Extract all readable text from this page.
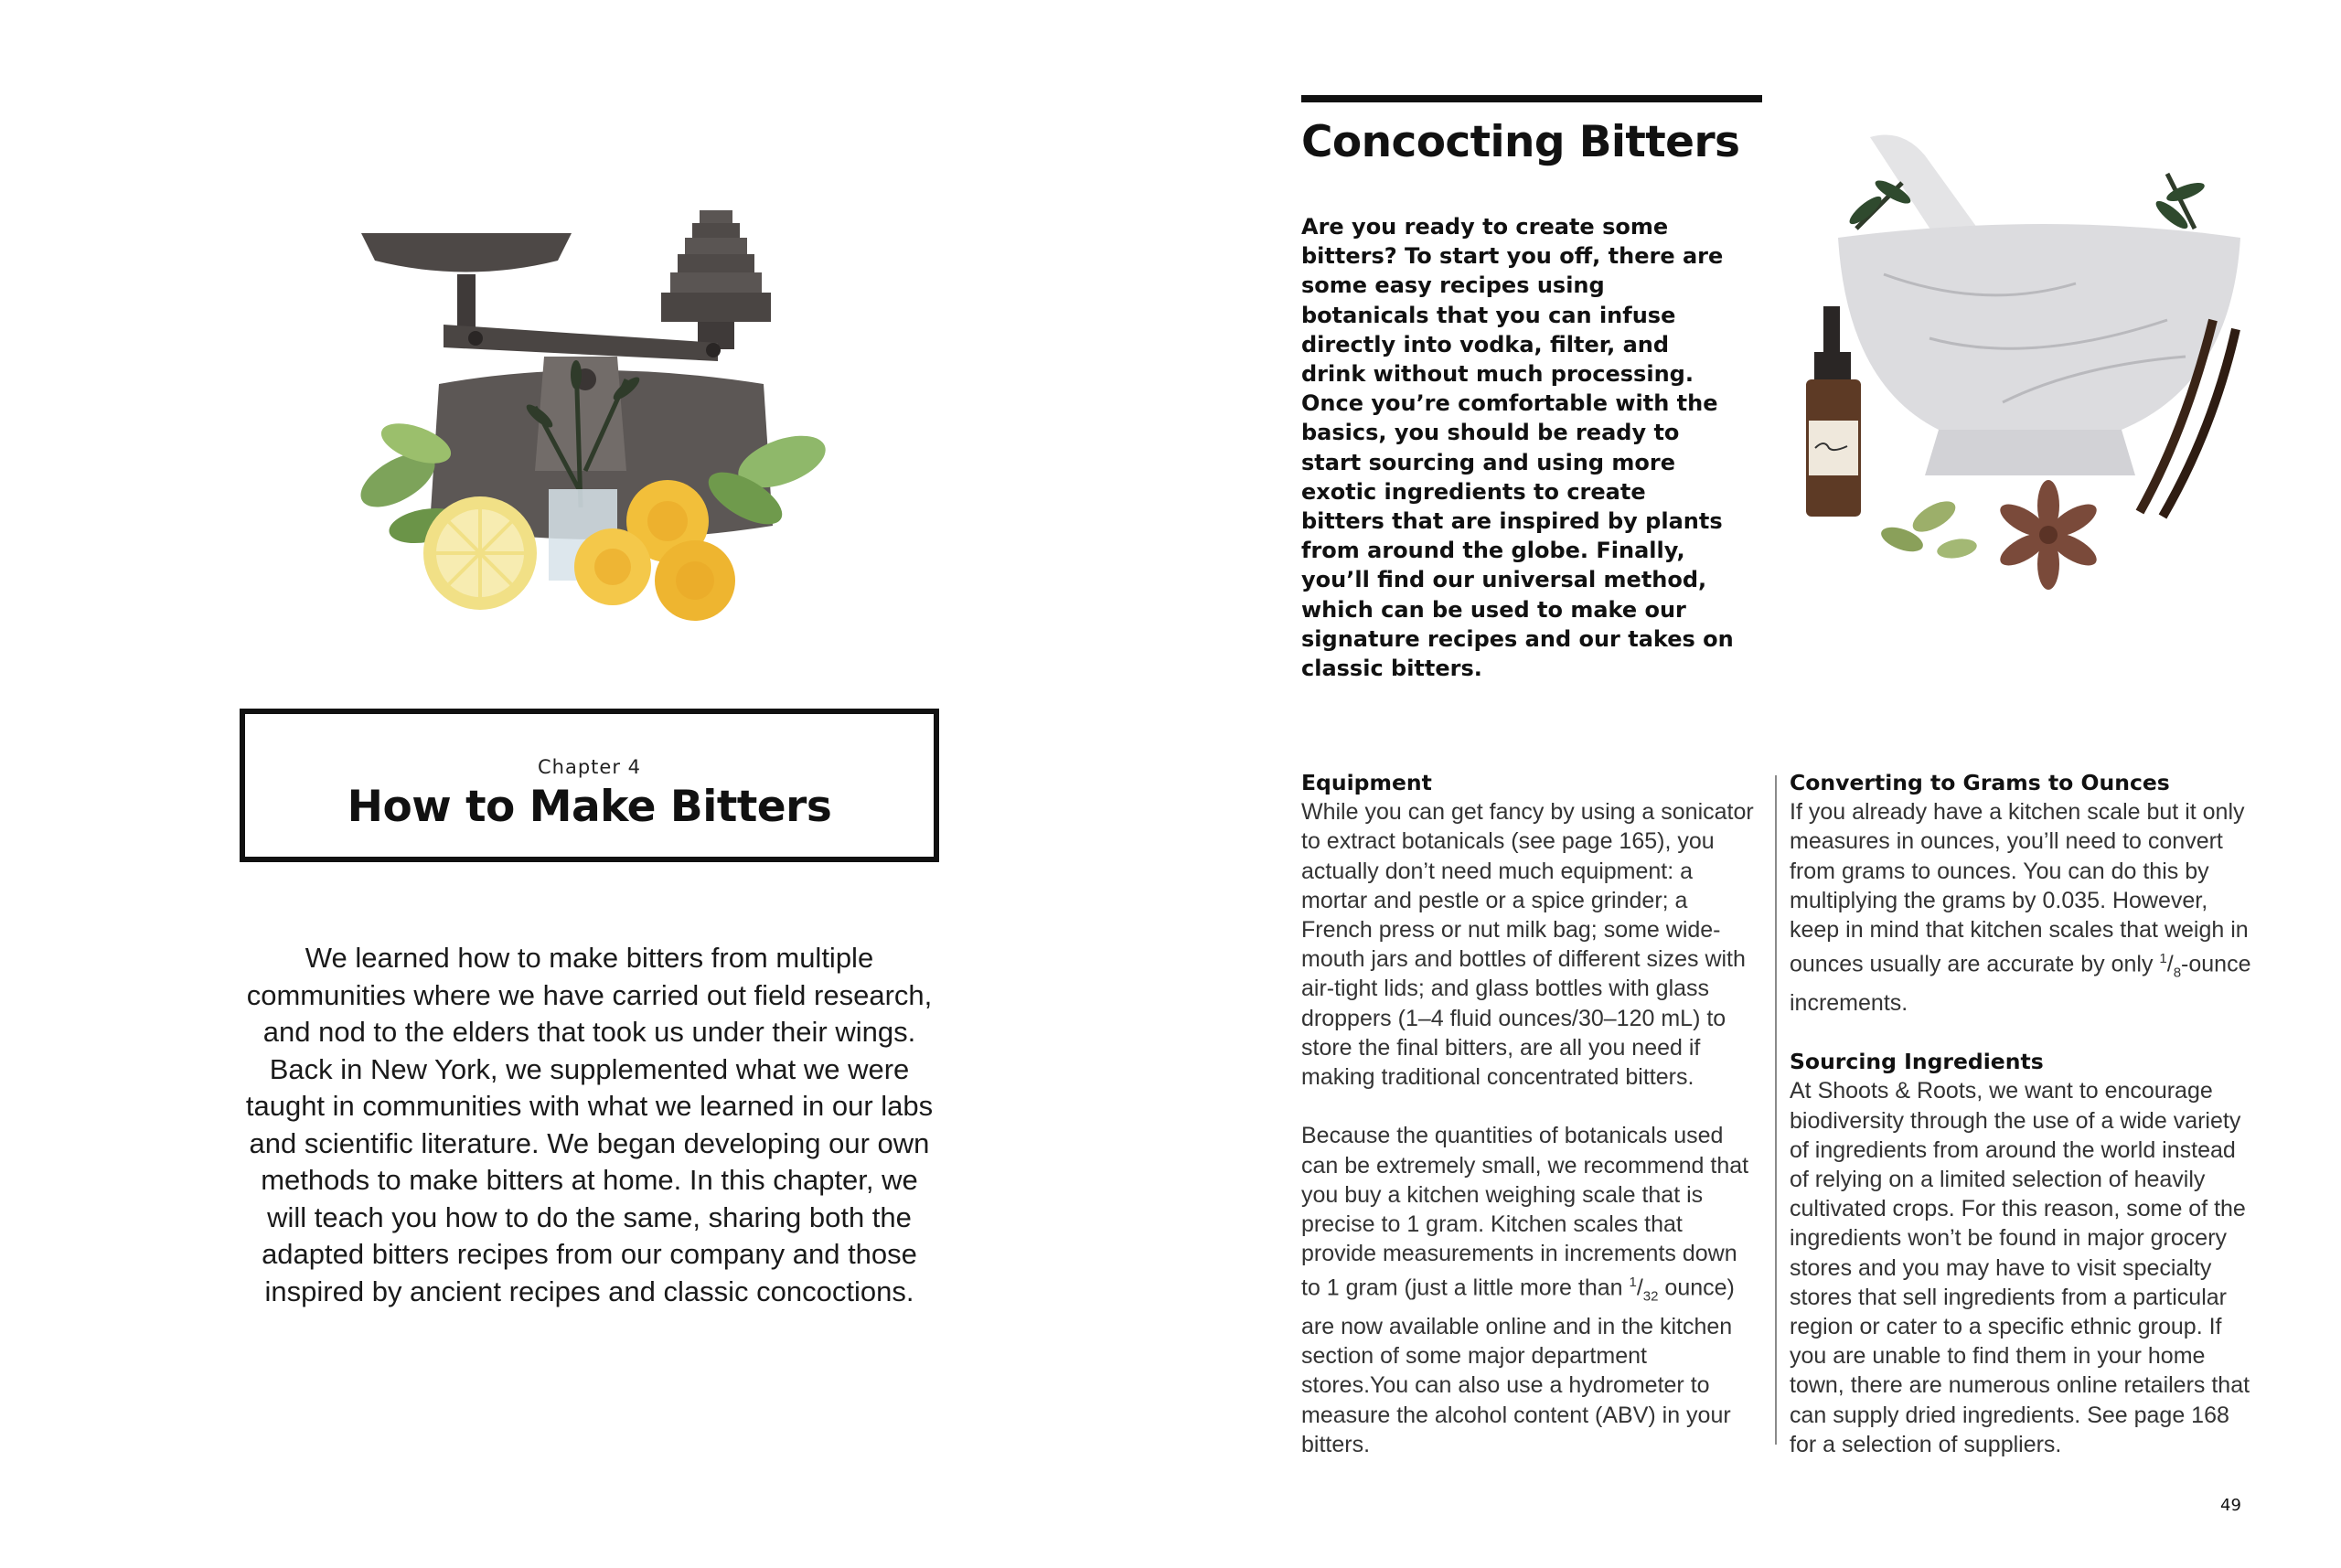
Chapter 4
How to Make Bitters
We learned how to make bitters from multiple communities where we have carried out field research, and nod to the elders that took us under their wings. Back in New York, we supplemented what we were taught in communities with what we learned in our labs and scientific literature. We began developing our own methods to make bitters at home. In this chapter, we will teach you how to do the same, sharing both the adapted bitters recipes from our company and those inspired by ancient recipes and classic concoctions.
Concocting Bitters
Are you ready to create some bitters? To start you off, there are some easy recipes using botanicals that you can infuse directly into vodka, filter, and drink without much processing. Once you’re comfortable with the basics, you should be ready to start sourcing and using more exotic ingredients to create bitters that are inspired by plants from around the globe. Finally, you’ll find our universal method, which can be used to make our signature recipes and our takes on classic bitters.
Equipment

While you can get fancy by using a sonicator to extract botanicals (see page 165), you actually don’t need much equipment: a mortar and pestle or a spice grinder; a French press or nut milk bag; some wide-mouth jars and bottles of different sizes with air-tight lids; and glass bottles with glass droppers (1–4 fluid ounces/30–120 mL) to store the final bitters, are all you need if making traditional concentrated bitters.

Because the quantities of botanicals used can be extremely small, we recommend that you buy a kitchen weighing scale that is precise to 1 gram. Kitchen scales that provide measurements in increments down to 1 gram (just a little more than $^1/_{32}$ ounce) are now available online and in the kitchen section of some major department stores.You can also use a hydrometer to measure the alcohol content (ABV) in your bitters.

Converting to Grams to Ounces

If you already have a kitchen scale but it only measures in ounces, you’ll need to convert from grams to ounces. You can do this by multiplying the grams by 0.035. However, keep in mind that kitchen scales that weigh in ounces usually are accurate by only $^1/_8$-ounce increments.

Sourcing Ingredients

At Shoots & Roots, we want to encourage biodiversity through the use of a wide variety of ingredients from around the world instead of relying on a limited selection of heavily cultivated crops. For this reason, some of the ingredients won’t be found in major grocery stores and you may have to visit specialty stores that sell ingredients from a particular region or cater to a specific ethnic group. If you are unable to find them in your home town, there are numerous online retailers that can supply dried ingredients. See page 168 for a selection of suppliers.

49
